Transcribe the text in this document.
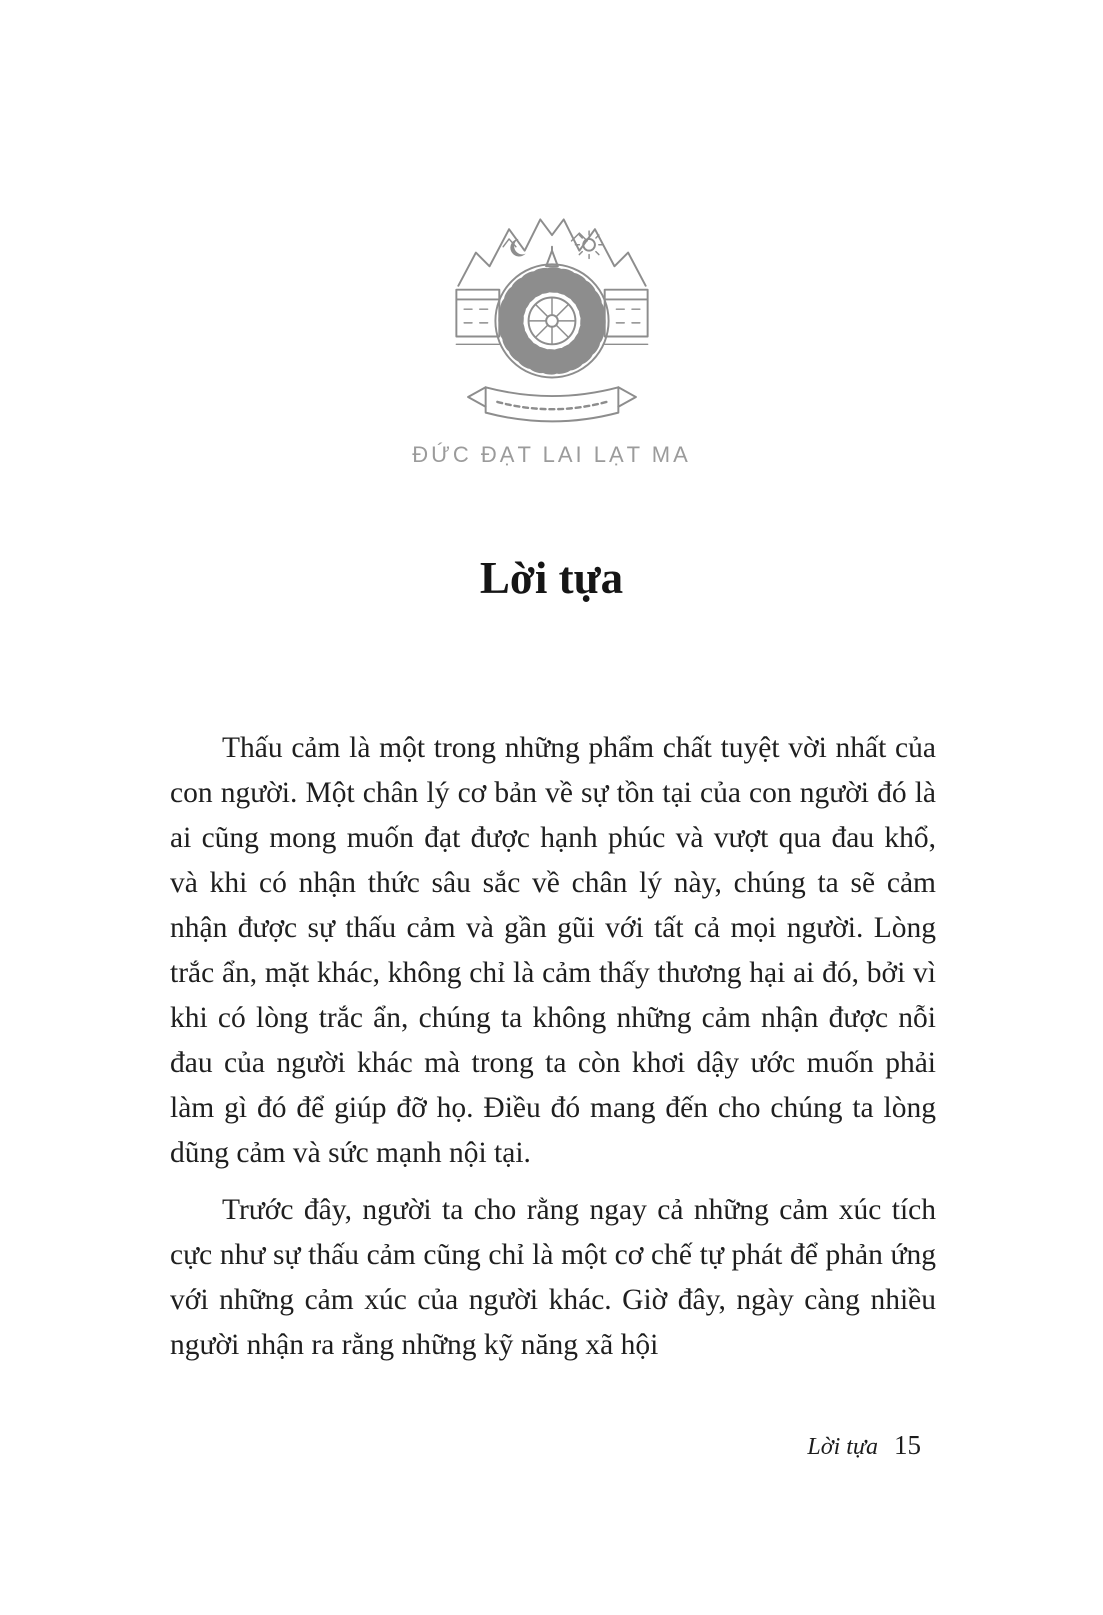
ĐỨC ĐẠT LAI LẠT MA
Lời tựa

Thấu cảm là một trong những phẩm chất tuyệt vời nhất của con người. Một chân lý cơ bản về sự tồn tại của con người đó là ai cũng mong muốn đạt được hạnh phúc và vượt qua đau khổ, và khi có nhận thức sâu sắc về chân lý này, chúng ta sẽ cảm nhận được sự thấu cảm và gần gũi với tất cả mọi người. Lòng trắc ẩn, mặt khác, không chỉ là cảm thấy thương hại ai đó, bởi vì khi có lòng trắc ẩn, chúng ta không những cảm nhận được nỗi đau của người khác mà trong ta còn khơi dậy ước muốn phải làm gì đó để giúp đỡ họ. Điều đó mang đến cho chúng ta lòng dũng cảm và sức mạnh nội tại.

Trước đây, người ta cho rằng ngay cả những cảm xúc tích cực như sự thấu cảm cũng chỉ là một cơ chế tự phát để phản ứng với những cảm xúc của người khác. Giờ đây, ngày càng nhiều người nhận ra rằng những kỹ năng xã hội

Lời tựa 15
